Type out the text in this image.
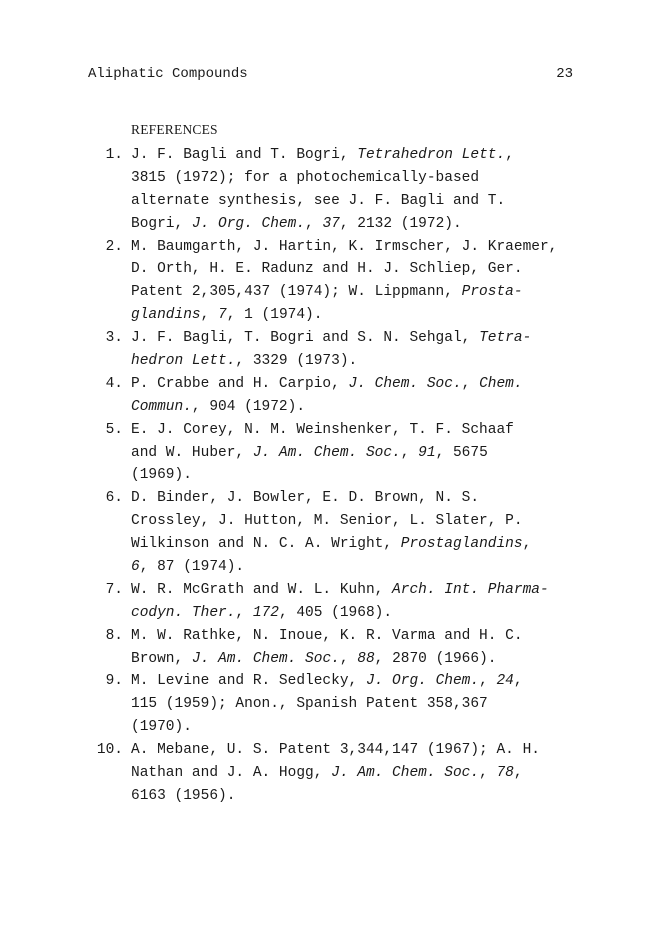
Aliphatic Compounds	23
REFERENCES
1. J. F. Bagli and T. Bogri, Tetrahedron Lett.,
3815 (1972); for a photochemically-based
alternate synthesis, see J. F. Bagli and T.
Bogri, J. Org. Chem., 37, 2132 (1972).
2. M. Baumgarth, J. Hartin, K. Irmscher, J. Kraemer,
D. Orth, H. E. Radunz and H. J. Schliep, Ger.
Patent 2,305,437 (1974); W. Lippmann, Prosta-
glandins, 7, 1 (1974).
3. J. F. Bagli, T. Bogri and S. N. Sehgal, Tetra-
hedron Lett., 3329 (1973).
4. P. Crabbe and H. Carpio, J. Chem. Soc., Chem.
Commun., 904 (1972).
5. E. J. Corey, N. M. Weinshenker, T. F. Schaaf
and W. Huber, J. Am. Chem. Soc., 91, 5675
(1969).
6. D. Binder, J. Bowler, E. D. Brown, N. S.
Crossley, J. Hutton, M. Senior, L. Slater, P.
Wilkinson and N. C. A. Wright, Prostaglandins,
6, 87 (1974).
7. W. R. McGrath and W. L. Kuhn, Arch. Int. Pharma-
codyn. Ther., 172, 405 (1968).
8. M. W. Rathke, N. Inoue, K. R. Varma and H. C.
Brown, J. Am. Chem. Soc., 88, 2870 (1966).
9. M. Levine and R. Sedlecky, J. Org. Chem., 24,
115 (1959); Anon., Spanish Patent 358,367
(1970).
10. A. Mebane, U. S. Patent 3,344,147 (1967); A. H.
Nathan and J. A. Hogg, J. Am. Chem. Soc., 78,
6163 (1956).
